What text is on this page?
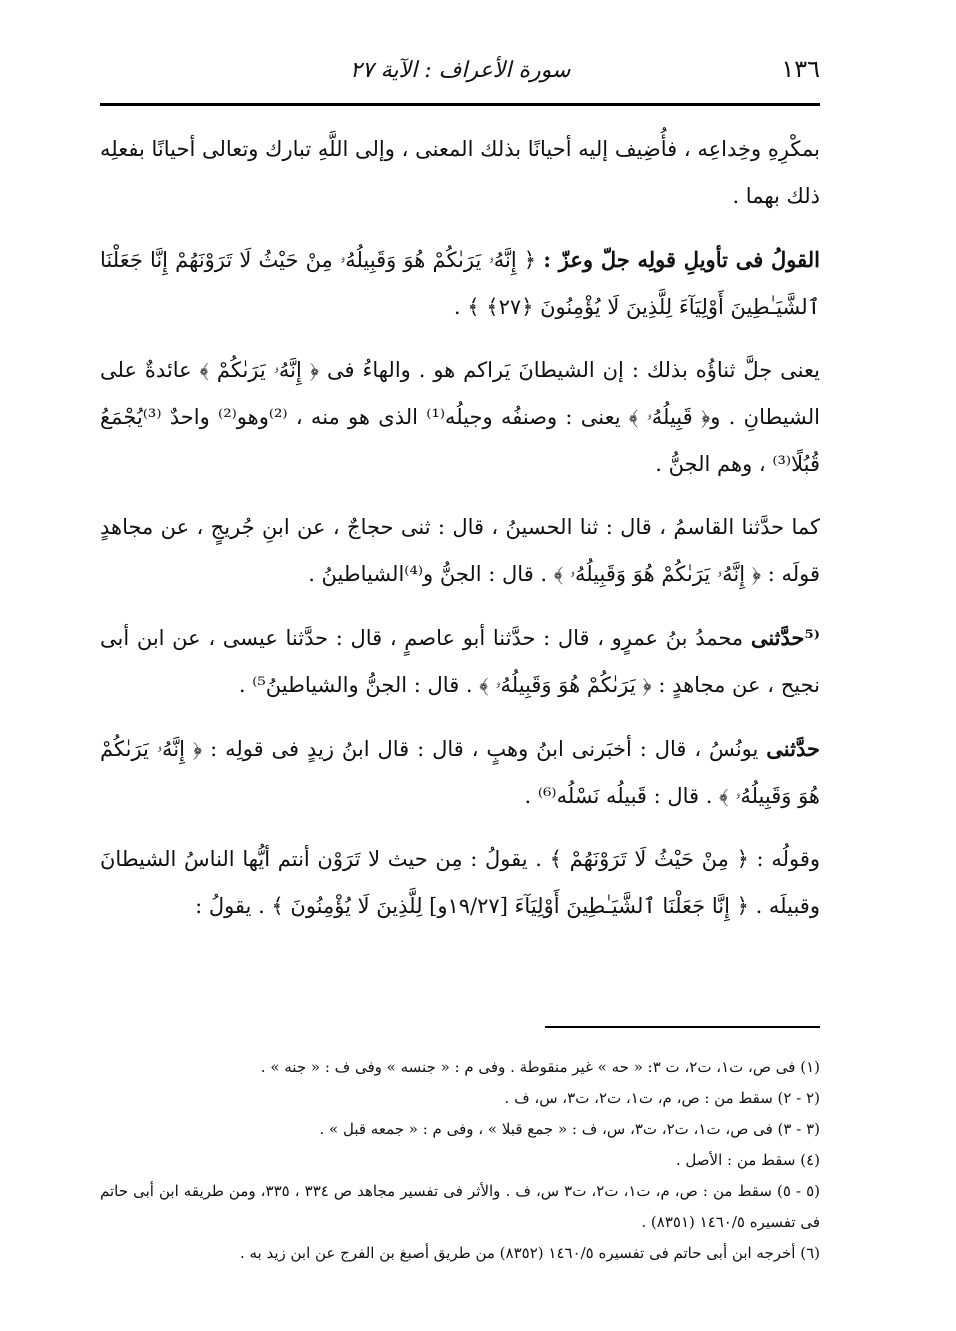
١٣٦
سورة الأعراف : الآية ٢٧

بمكْرِهِ وخِداعِه ، فأُضِيف إليه أحيانًا بذلك المعنى ، وإلى اللَّهِ تبارك وتعالى أحيانًا بفعلِه ذلك بهما .

القولُ فى تأويلِ قولِه جلّ وعزّ : ﴿ إِنَّهُۥ يَرَىٰكُمْ هُوَ وَقَبِيلُهُۥ مِنْ حَيْثُ لَا تَرَوْنَهُمْ إِنَّا جَعَلْنَا ٱلشَّيَـٰطِينَ أَوْلِيَآءَ لِلَّذِينَ لَا يُؤْمِنُونَ ﴿٢٧﴾ ﴾ .

يعنى جلَّ ثناؤُه بذلك : إن الشيطانَ يَراكم هو . والهاءُ فى ﴿ إِنَّهُۥ يَرَىٰكُمْ ﴾ عائدةٌ على الشيطانِ . و﴿ قَبِيلُهُۥ ﴾ يعنى : وصنفُه وجيلُه⁽¹⁾ الذى هو منه ، ⁽²⁾وهو⁽²⁾ واحدٌ ⁽³⁾يُجْمَعُ قُبُلًا⁽³⁾ ، وهم الجنُّ .

كما حدَّثنا القاسمُ ، قال : ثنا الحسينُ ، قال : ثنى حجاجٌ ، عن ابنِ جُريجٍ ، عن مجاهدٍ قولَه : ﴿ إِنَّهُۥ يَرَىٰكُمْ هُوَ وَقَبِيلُهُۥ ﴾ . قال : الجنُّ و⁽⁴⁾الشياطينُ .

⁽⁵حدَّثنى محمدُ بنُ عمرٍو ، قال : حدَّثنا أبو عاصمٍ ، قال : حدَّثنا عيسى ، عن ابن أبى نجيح ، عن مجاهدٍ : ﴿ يَرَىٰكُمْ هُوَ وَقَبِيلُهُۥ ﴾ . قال : الجنُّ والشياطينُ⁵⁾ .

حدَّثنى يونُسُ ، قال : أخبَرنى ابنُ وهبٍ ، قال : قال ابنُ زيدٍ فى قولِه : ﴿ إِنَّهُۥ يَرَىٰكُمْ هُوَ وَقَبِيلُهُۥ ﴾ . قال : قَبيلُه نَسْلُه⁽⁶⁾ .

وقولُه : ﴿ مِنْ حَيْثُ لَا تَرَوْنَهُمْ ﴾ . يقولُ : مِن حيث لا تَرَوْن أنتم أيُّها الناسُ الشيطانَ وقبيلَه . ﴿ إِنَّا جَعَلْنَا ٱلشَّيَـٰطِينَ أَوْلِيَآءَ [١٩/٢٧و] لِلَّذِينَ لَا يُؤْمِنُونَ ﴾ . يقولُ :

(١) فى ص، ت١، ت٢، ت ٣: « حه » غير منقوطة . وفى م : « جنسه » وفى ف : « جنه » .
(٢ - ٢) سقط من : ص، م، ت١، ت٢، ت٣، س، ف .
(٣ - ٣) فى ص، ت١، ت٢، ت٣، س، ف : « جمع قبلا » ، وفى م : « جمعه قبل » .
(٤) سقط من : الأصل .
(٥ - ٥) سقط من : ص، م، ت١، ت٢، ت٣ س، ف . والأثر فى تفسير مجاهد ص ٣٣٤ ، ٣٣٥، ومن طريقه ابن أبى حاتم فى تفسيره ١٤٦٠/٥ (٨٣٥١) .
(٦) أخرجه ابن أبى حاتم فى تفسيره ١٤٦٠/٥ (٨٣٥٢) من طريق أصبغ بن الفرج عن ابن زيد به .
